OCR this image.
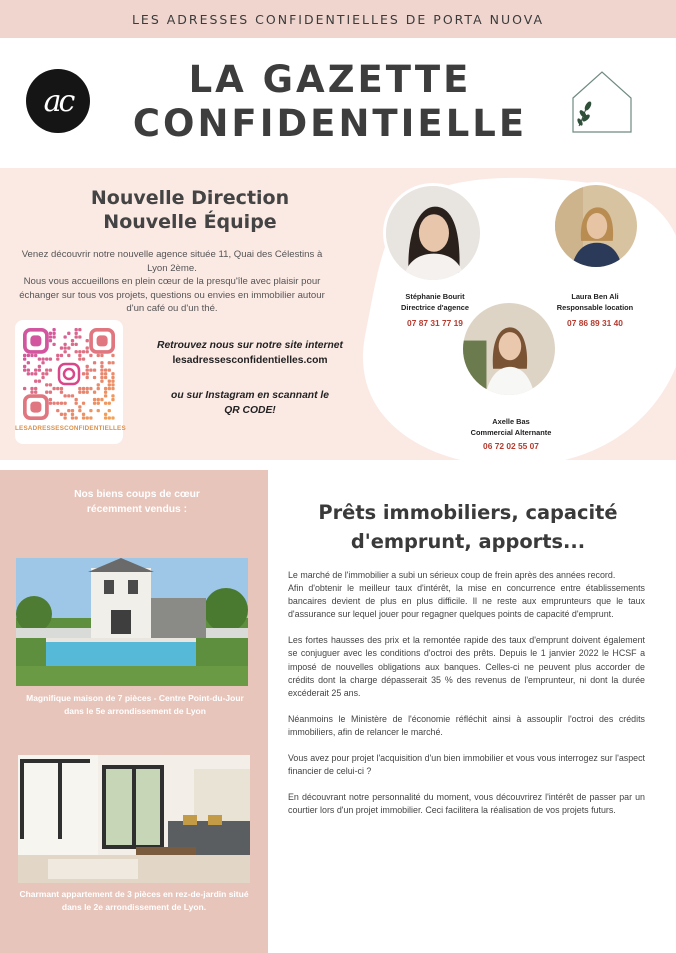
LES ADRESSES CONFIDENTIELLES DE PORTA NUOVA
ac	LA GAZETTE
CONFIDENTIELLE
Nouvelle Direction
Nouvelle Équipe
Venez découvrir notre nouvelle agence située 11, Quai des Célestins à
Lyon 2ème.
Nous vous accueillons en plein cœur de la presqu'île avec plaisir pour
échanger sur tous vos projets, questions ou envies en immobilier autour
d'un café ou d'un thé.
LESADRESSESCONFIDENTIELLES
Retrouvez nous sur notre site internet
lesadressesconfidentielles.com
ou sur Instagram en scannant le
QR CODE!
Stéphanie Bourit
Directrice d'agence
07 87 31 77 19
Laura Ben Ali
Responsable location
07 86 89 31 40
Axelle Bas
Commercial Alternante
06 72 02 55 07
Nos biens coups de cœur récemment vendus :
Magnifique maison de 7 pièces - Centre Point-du-Jour dans le 5e arrondissement de Lyon
Charmant appartement de 3 pièces en rez-de-jardin situé dans le 2e arrondissement de Lyon.
Prêts immobiliers, capacité d'emprunt, apports...

Le marché de l'immobilier a subi un sérieux coup de frein après des années record.

Afin d'obtenir le meilleur taux d'intérêt, la mise en concurrence entre établissements bancaires devient de plus en plus difficile. Il ne reste aux emprunteurs que le taux d'assurance sur lequel jouer pour regagner quelques points de capacité d'emprunt.

Les fortes hausses des prix et la remontée rapide des taux d'emprunt doivent également se conjuguer avec les conditions d'octroi des prêts. Depuis le 1 janvier 2022 le HCSF a imposé de nouvelles obligations aux banques. Celles-ci ne peuvent plus accorder de crédits dont la charge dépasserait 35 % des revenus de l'emprunteur, ni dont la durée excéderait 25 ans.

Néanmoins le Ministère de l'économie réfléchit ainsi à assouplir l'octroi des crédits immobiliers, afin de relancer le marché.

Vous avez pour projet l'acquisition d'un bien immobilier et vous vous interrogez sur l'aspect financier de celui-ci ?

En découvrant notre personnalité du moment, vous découvrirez l'intérêt de passer par un courtier lors d'un projet immobilier. Ceci facilitera la réalisation de vos projets futurs.
